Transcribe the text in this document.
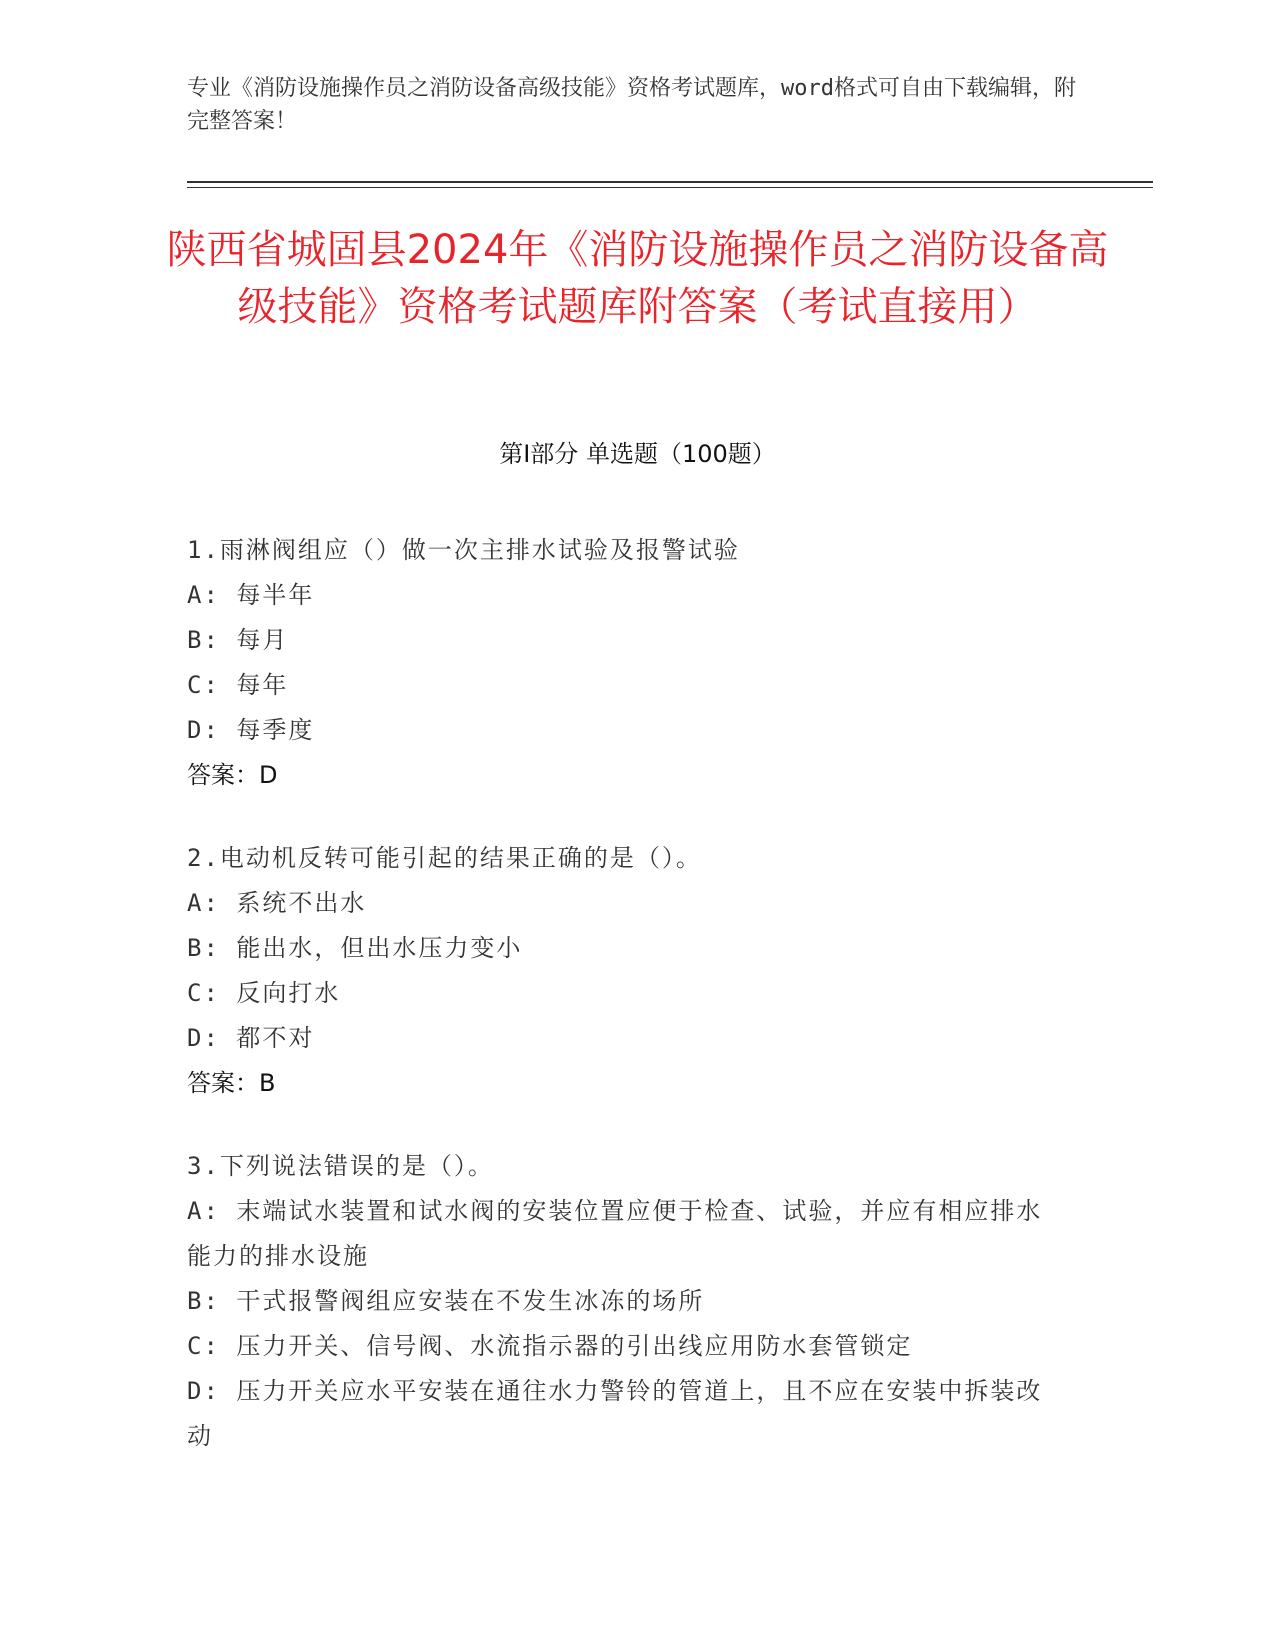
专业《消防设施操作员之消防设备高级技能》资格考试题库，word格式可自由下载编辑，附完整答案！
陕西省城固县2024年《消防设施操作员之消防设备高级技能》资格考试题库附答案（考试直接用）
第I部分 单选题（100题）
1.雨淋阀组应（）做一次主排水试验及报警试验
A: 每半年
B: 每月
C: 每年
D: 每季度
答案：D
2.电动机反转可能引起的结果正确的是（）。
A: 系统不出水
B: 能出水，但出水压力变小
C: 反向打水
D: 都不对
答案：B
3.下列说法错误的是（）。
A: 末端试水装置和试水阀的安装位置应便于检查、试验，并应有相应排水能力的排水设施
B: 干式报警阀组应安装在不发生冰冻的场所
C: 压力开关、信号阀、水流指示器的引出线应用防水套管锁定
D: 压力开关应水平安装在通往水力警铃的管道上，且不应在安装中拆装改动
